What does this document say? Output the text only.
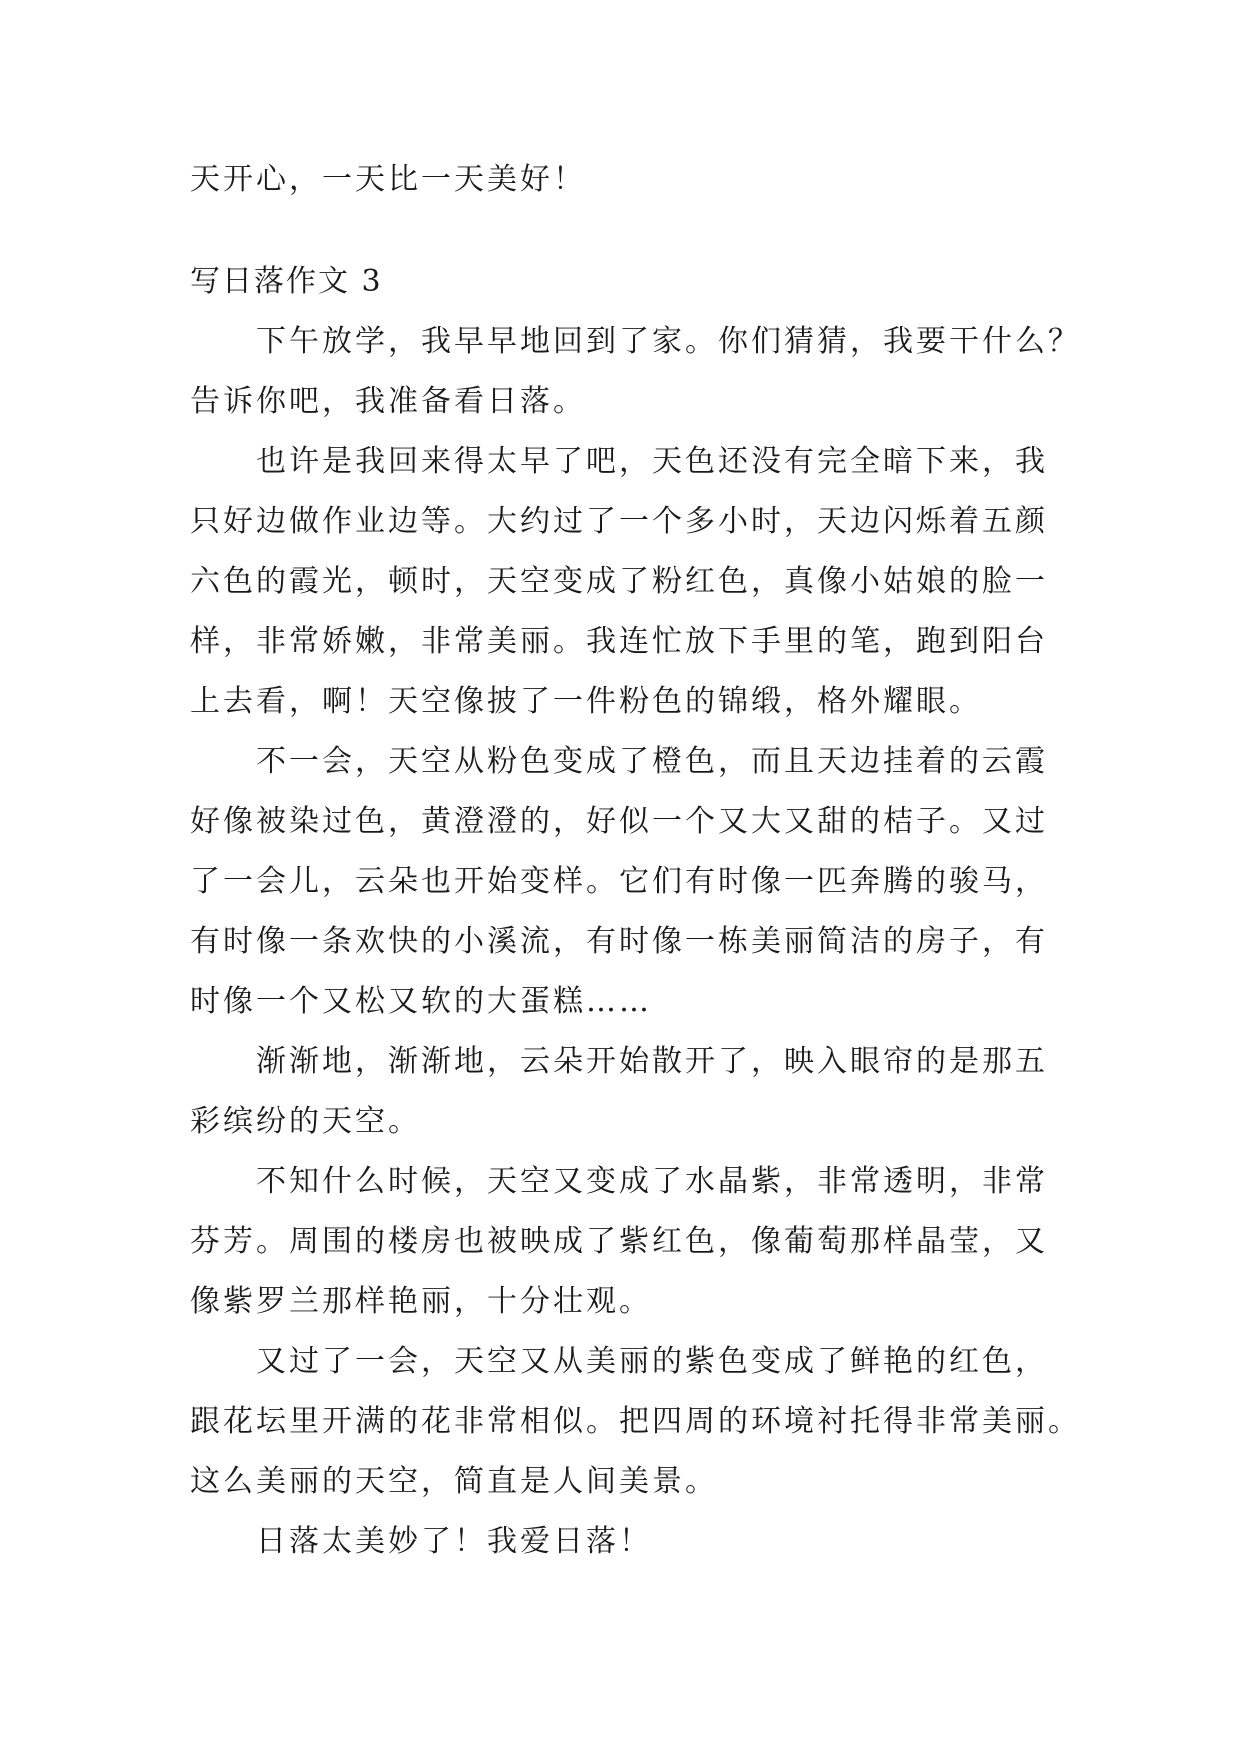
天开心，一天比一天美好！
写日落作文 3

下午放学，我早早地回到了家。你们猜猜，我要干什么？
告诉你吧，我准备看日落。

也许是我回来得太早了吧，天色还没有完全暗下来，我
只好边做作业边等。大约过了一个多小时，天边闪烁着五颜
六色的霞光，顿时，天空变成了粉红色，真像小姑娘的脸一
样，非常娇嫩，非常美丽。我连忙放下手里的笔，跑到阳台
上去看，啊！天空像披了一件粉色的锦缎，格外耀眼。

不一会，天空从粉色变成了橙色，而且天边挂着的云霞
好像被染过色，黄澄澄的，好似一个又大又甜的桔子。又过
了一会儿，云朵也开始变样。它们有时像一匹奔腾的骏马，
有时像一条欢快的小溪流，有时像一栋美丽简洁的房子，有
时像一个又松又软的大蛋糕……

渐渐地，渐渐地，云朵开始散开了，映入眼帘的是那五
彩缤纷的天空。

不知什么时候，天空又变成了水晶紫，非常透明，非常
芬芳。周围的楼房也被映成了紫红色，像葡萄那样晶莹，又
像紫罗兰那样艳丽，十分壮观。

又过了一会，天空又从美丽的紫色变成了鲜艳的红色，
跟花坛里开满的花非常相似。把四周的环境衬托得非常美丽。
这么美丽的天空，简直是人间美景。

日落太美妙了！我爱日落！
